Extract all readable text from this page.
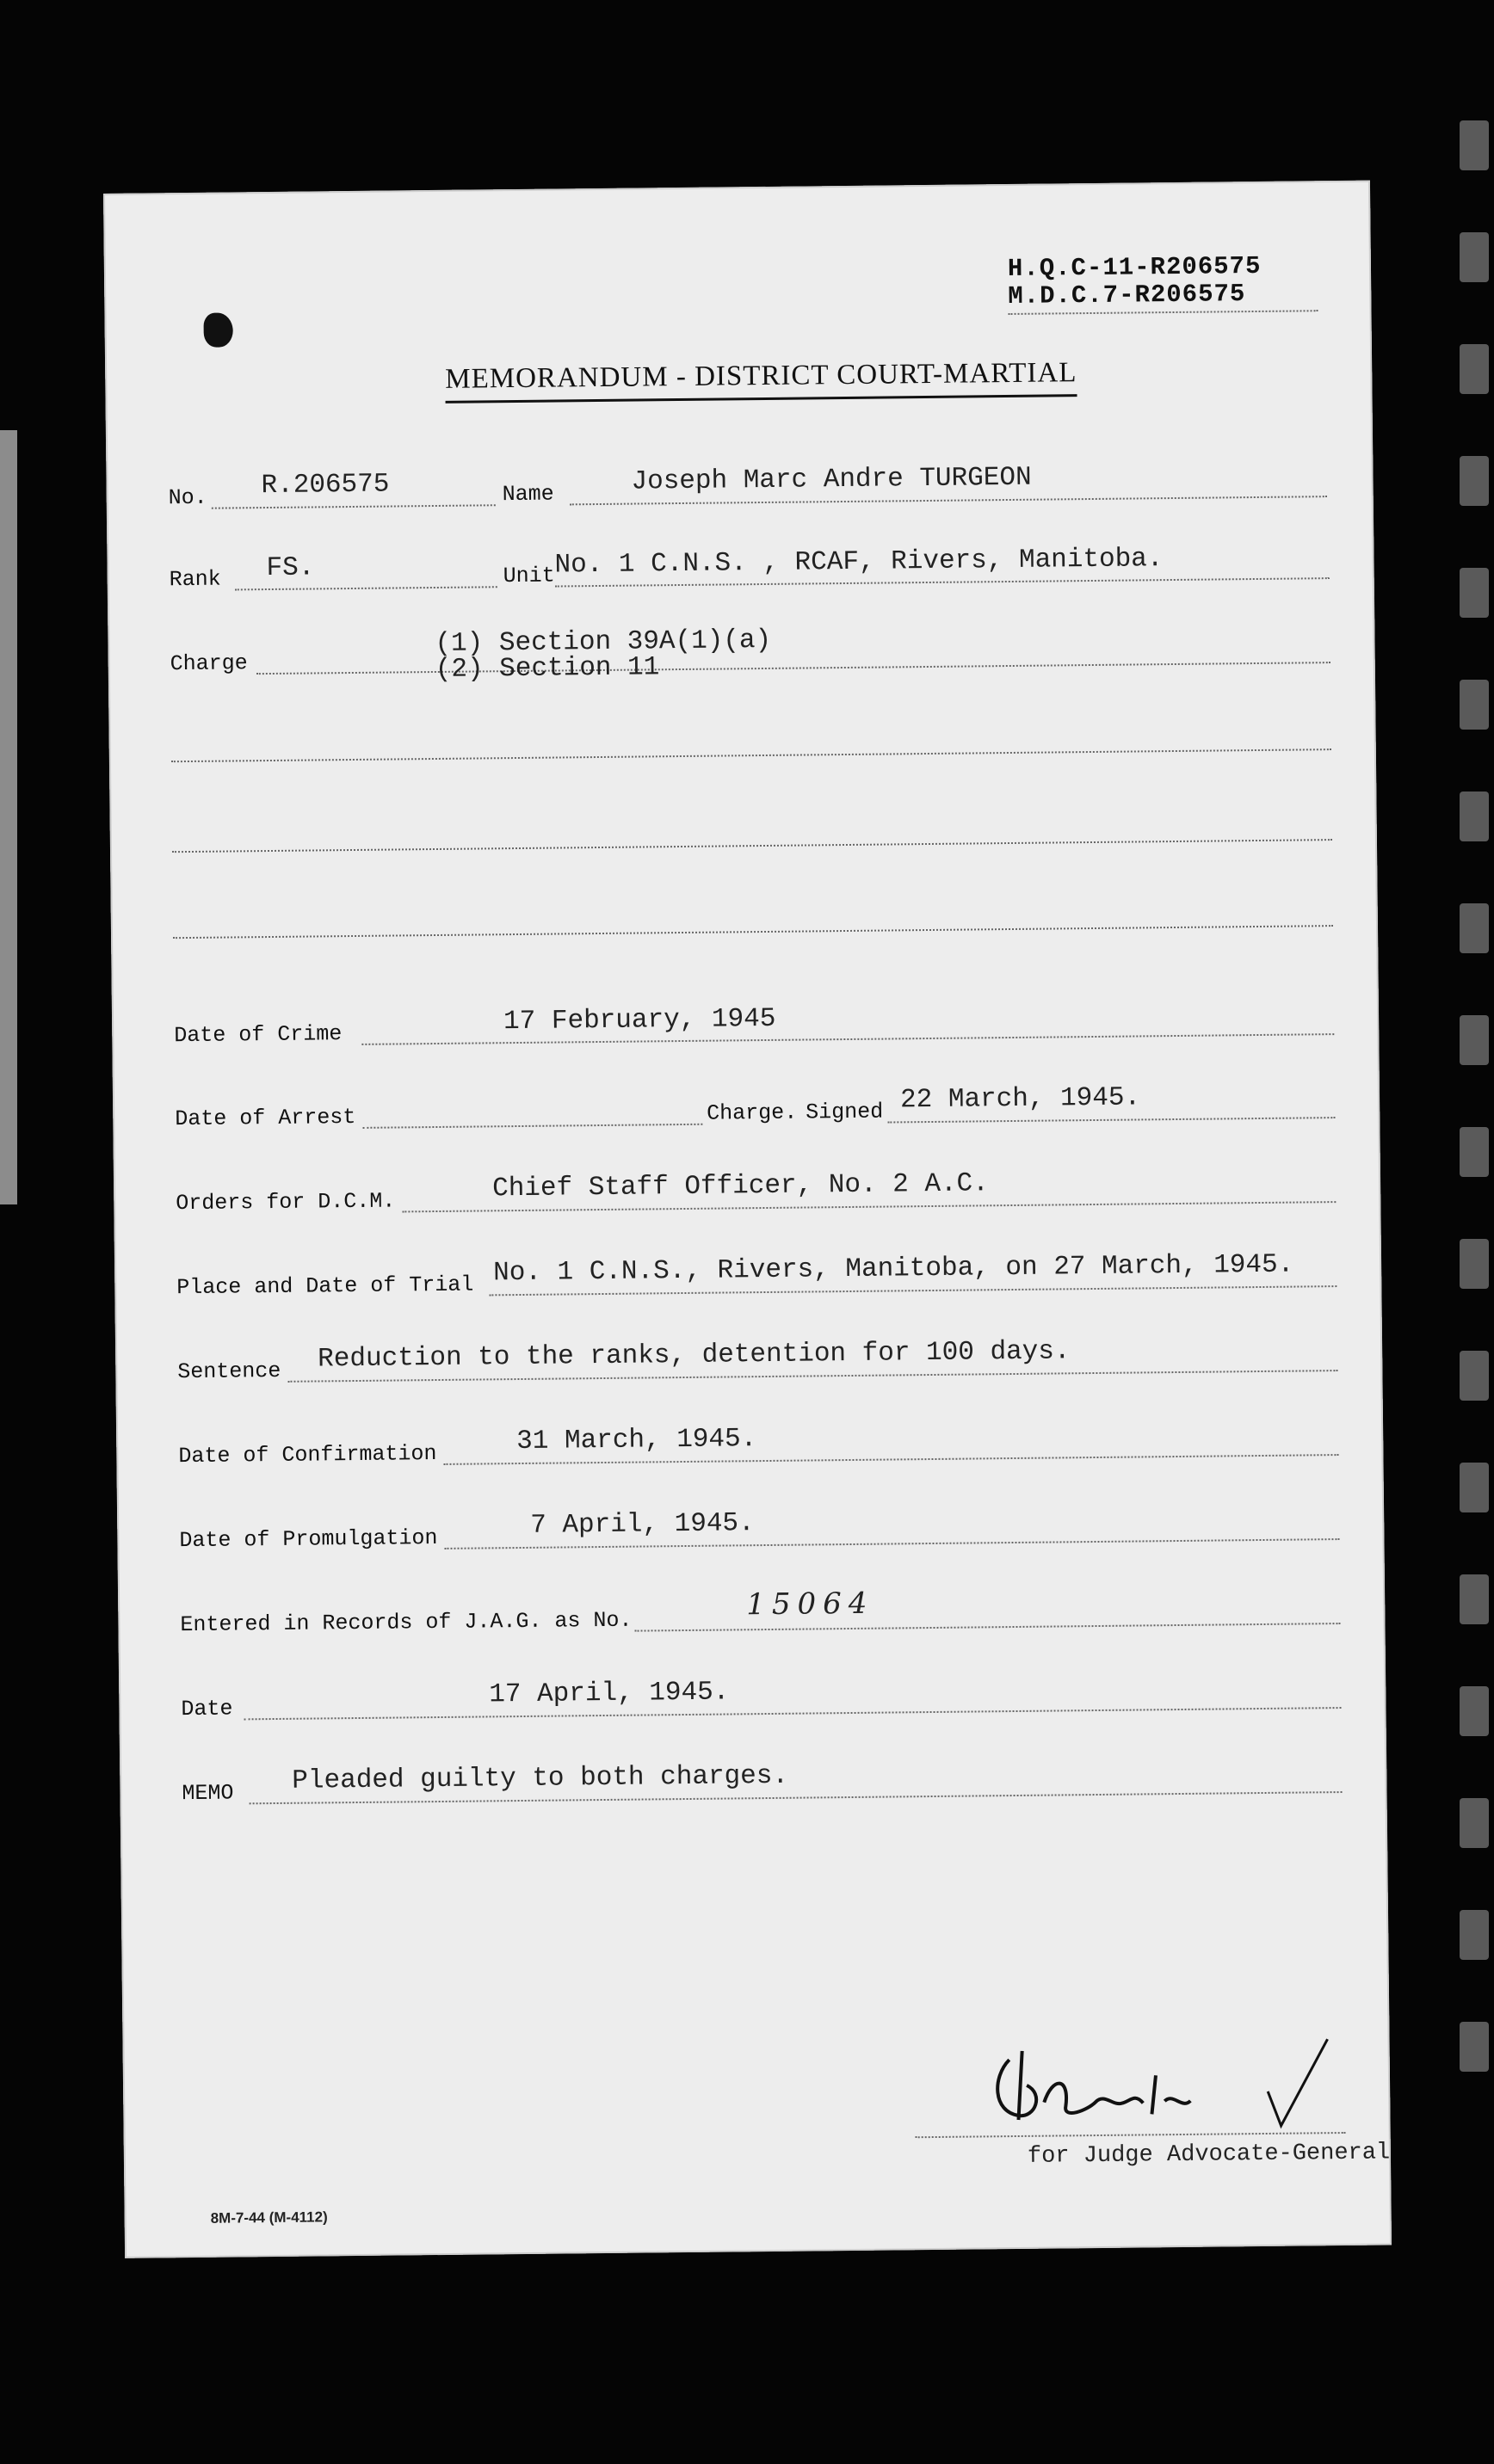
H.Q.C-11-R206575
M.D.C.7-R206575
MEMORANDUM - DISTRICT COURT-MARTIAL
No. R.206575	Name	Joseph Marc Andre TURGEON
Rank FS.	Unit No. 1 C.N.S. , RCAF, Rivers, Manitoba.
Charge
(1) Section 39A(1)(a)
(2) Section 11
Date of Crime	17 February, 1945
Date of Arrest	Charge. Signed 22 March, 1945.
Orders for D.C.M.	Chief Staff Officer, No. 2 A.C.
Place and Date of Trial No. 1 C.N.S., Rivers, Manitoba, on 27 March, 1945.
Sentence Reduction to the ranks, detention for 100 days.
Date of Confirmation	31 March, 1945.
Date of Promulgation	7 April, 1945.
Entered in Records of J.A.G. as No.
15064
Date	17 April, 1945.
MEMO Pleaded guilty to both charges.
for Judge Advocate-General
8M-7-44 (M-4112)
